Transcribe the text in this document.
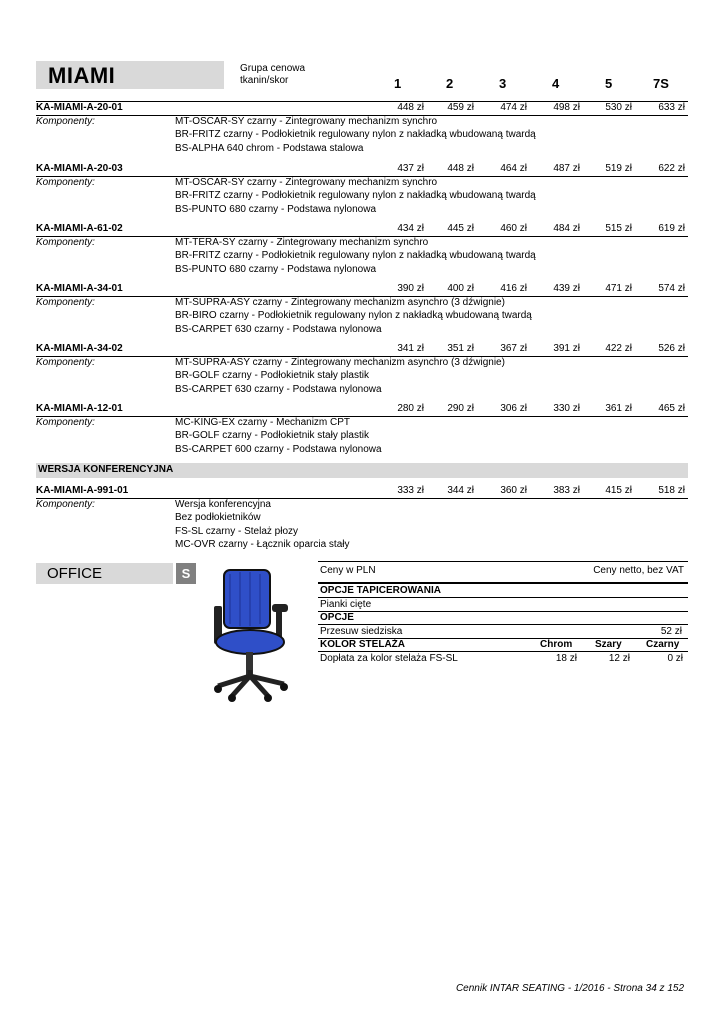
MIAMI	Grupa cenowa
tkanin/skor	1	2	3	4	5	7S
KA-MIAMI-A-20-01	448 zł	459 zł	474 zł	498 zł	530 zł	633 zł
Komponenty:	MT-OSCAR-SY czarny - Zintegrowany mechanizm synchro
BR-FRITZ czarny - Podłokietnik regulowany nylon z nakładką wbudowaną twardą
BS-ALPHA 640 chrom - Podstawa stalowa
KA-MIAMI-A-20-03	437 zł	448 zł	464 zł	487 zł	519 zł	622 zł
Komponenty:	MT-OSCAR-SY czarny - Zintegrowany mechanizm synchro
BR-FRITZ czarny - Podłokietnik regulowany nylon z nakładką wbudowaną twardą
BS-PUNTO 680 czarny - Podstawa nylonowa
KA-MIAMI-A-61-02	434 zł	445 zł	460 zł	484 zł	515 zł	619 zł
Komponenty:	MT-TERA-SY czarny - Zintegrowany mechanizm synchro
BR-FRITZ czarny - Podłokietnik regulowany nylon z nakładką wbudowaną twardą
BS-PUNTO 680 czarny - Podstawa nylonowa
KA-MIAMI-A-34-01	390 zł	400 zł	416 zł	439 zł	471 zł	574 zł
Komponenty:	MT-SUPRA-ASY czarny - Zintegrowany mechanizm asynchro (3 dźwignie)
BR-BIRO czarny - Podłokietnik regulowany nylon z nakładką wbudowaną twardą
BS-CARPET 630 czarny - Podstawa nylonowa
KA-MIAMI-A-34-02	341 zł	351 zł	367 zł	391 zł	422 zł	526 zł
Komponenty:	MT-SUPRA-ASY czarny - Zintegrowany mechanizm asynchro (3 dźwignie)
BR-GOLF czarny - Podłokietnik stały plastik
BS-CARPET 630 czarny - Podstawa nylonowa
KA-MIAMI-A-12-01	280 zł	290 zł	306 zł	330 zł	361 zł	465 zł
Komponenty:	MC-KING-EX czarny - Mechanizm CPT
BR-GOLF czarny - Podłokietnik stały plastik
BS-CARPET 600 czarny - Podstawa nylonowa
WERSJA KONFERENCYJNA
KA-MIAMI-A-991-01	333 zł	344 zł	360 zł	383 zł	415 zł	518 zł
Komponenty:	Wersja konferencyjna
Bez podłokietników
FS-SL czarny - Stelaż płozy
MC-OVR czarny - Łącznik oparcia stały
OFFICE	S	Ceny w PLN	Ceny netto, bez VAT
OPCJE TAPICEROWANIA
Pianki cięte
OPCJE
Przesuw siedziska	52 zł
KOLOR STELAŻA	Chrom Szary Czarny
Dopłata za kolor stelaża FS-SL	18 zł	12 zł	0 zł
Cennik INTAR SEATING - 1/2016 - Strona 34 z 152
